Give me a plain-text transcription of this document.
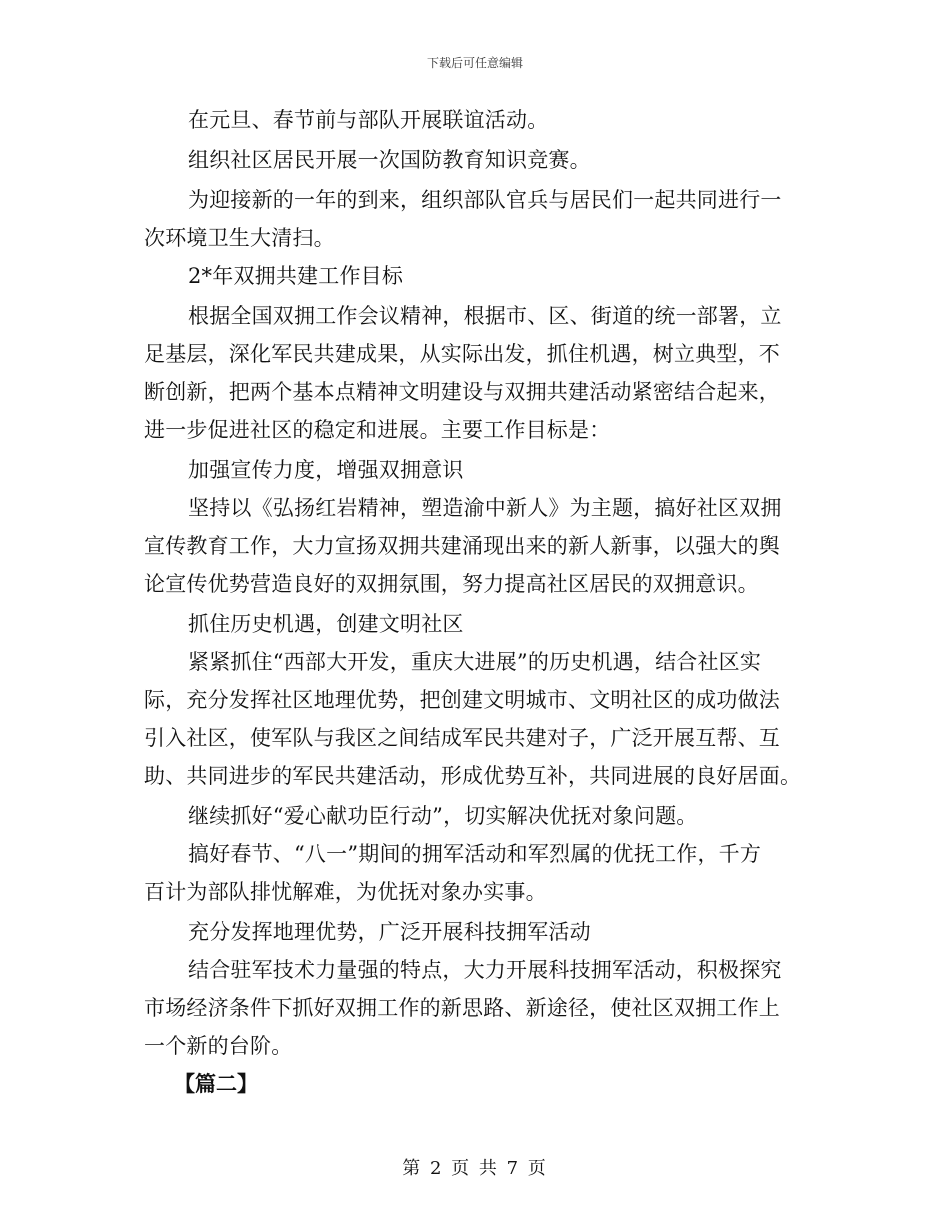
下载后可任意编辑
在元旦、春节前与部队开展联谊活动。
组织社区居民开展一次国防教育知识竞赛。
为迎接新的一年的到来，组织部队官兵与居民们一起共同进行一
次环境卫生大清扫。
2*年双拥共建工作目标
根据全国双拥工作会议精神，根据市、区、街道的统一部署，立
足基层，深化军民共建成果，从实际出发，抓住机遇，树立典型，不
断创新，把两个基本点精神文明建设与双拥共建活动紧密结合起来，
进一步促进社区的稳定和进展。主要工作目标是：
加强宣传力度，增强双拥意识
坚持以《弘扬红岩精神，塑造渝中新人》为主题，搞好社区双拥
宣传教育工作，大力宣扬双拥共建涌现出来的新人新事，以强大的舆
论宣传优势营造良好的双拥氛围，努力提高社区居民的双拥意识。
抓住历史机遇，创建文明社区
紧紧抓住“西部大开发，重庆大进展”的历史机遇，结合社区实
际，充分发挥社区地理优势，把创建文明城市、文明社区的成功做法
引入社区，使军队与我区之间结成军民共建对子，广泛开展互帮、互
助、共同进步的军民共建活动，形成优势互补，共同进展的良好居面。
继续抓好“爱心献功臣行动”，切实解决优抚对象问题。
搞好春节、“八一”期间的拥军活动和军烈属的优抚工作，千方
百计为部队排忧解难，为优抚对象办实事。
充分发挥地理优势，广泛开展科技拥军活动
结合驻军技术力量强的特点，大力开展科技拥军活动，积极探究
市场经济条件下抓好双拥工作的新思路、新途径，使社区双拥工作上
一个新的台阶。
【篇二】
第 2 页 共 7 页
